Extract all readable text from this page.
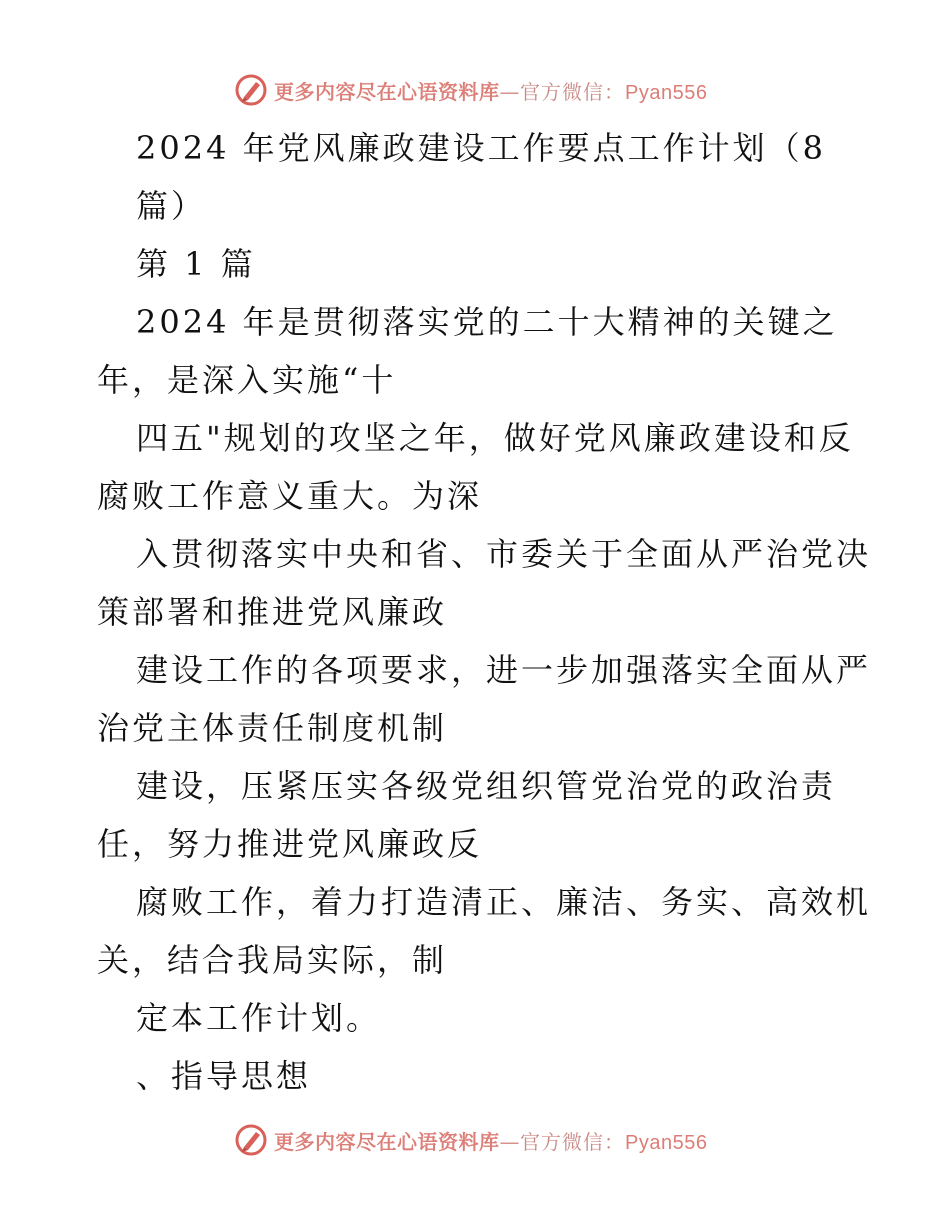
更多内容尽在心语资料库—官方微信：Pyan556
2024 年党风廉政建设工作要点工作计划（8
篇）
第 1 篇
2024 年是贯彻落实党的二十大精神的关键之
年，是深入实施“十
四五"规划的攻坚之年，做好党风廉政建设和反
腐败工作意义重大。为深
入贯彻落实中央和省、市委关于全面从严治党决
策部署和推进党风廉政
建设工作的各项要求，进一步加强落实全面从严
治党主体责任制度机制
建设，压紧压实各级党组织管党治党的政治责
任，努力推进党风廉政反
腐败工作，着力打造清正、廉洁、务实、高效机
关，结合我局实际，制
定本工作计划。
、指导思想
更多内容尽在心语资料库—官方微信：Pyan556
